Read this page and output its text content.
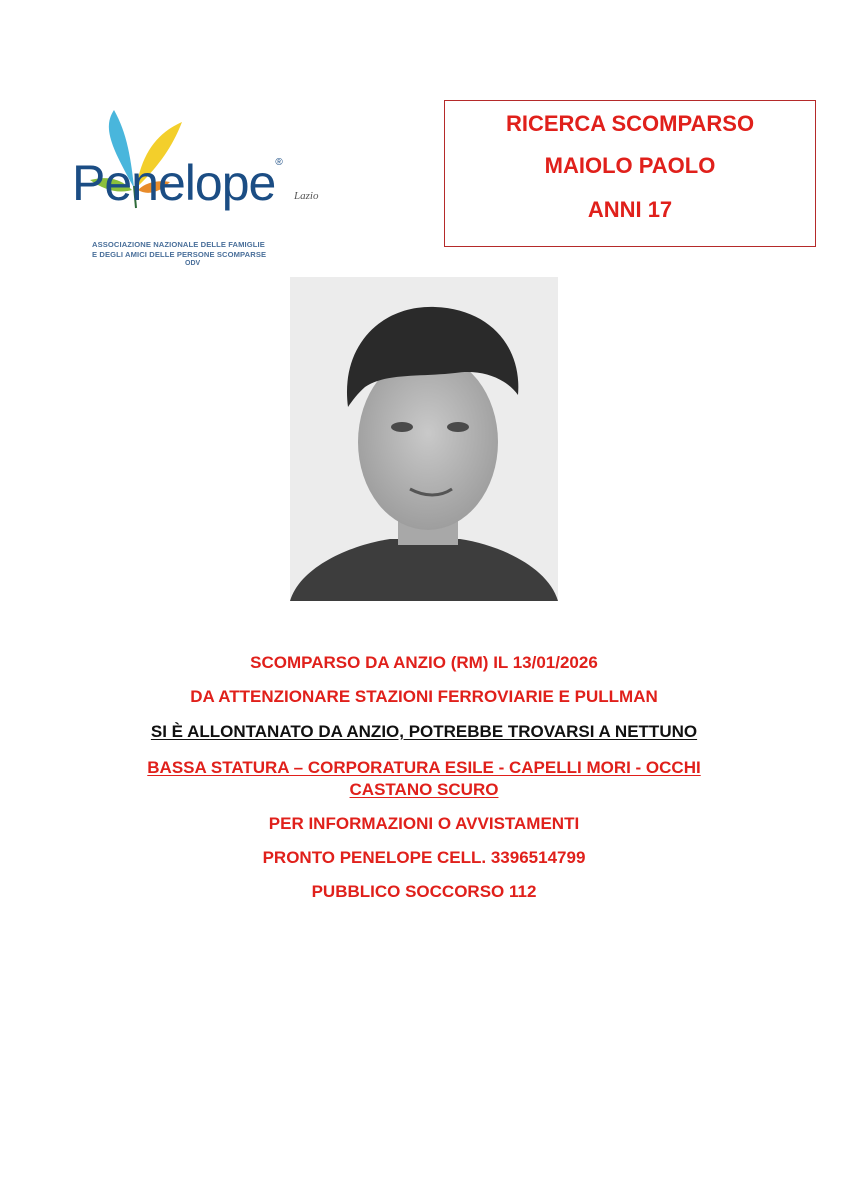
Lazio
Penelope®
ASSOCIAZIONE NAZIONALE DELLE FAMIGLIE
E DEGLI AMICI DELLE PERSONE SCOMPARSE
ODV
RICERCA SCOMPARSO
MAIOLO PAOLO
ANNI 17
SCOMPARSO DA ANZIO (RM) IL 13/01/2026
DA ATTENZIONARE STAZIONI FERROVIARIE E PULLMAN
SI È ALLONTANATO DA ANZIO, POTREBBE TROVARSI A NETTUNO
BASSA STATURA – CORPORATURA ESILE - CAPELLI MORI - OCCHI
CASTANO SCURO
PER INFORMAZIONI O AVVISTAMENTI
PRONTO PENELOPE CELL. 3396514799
PUBBLICO SOCCORSO 112
